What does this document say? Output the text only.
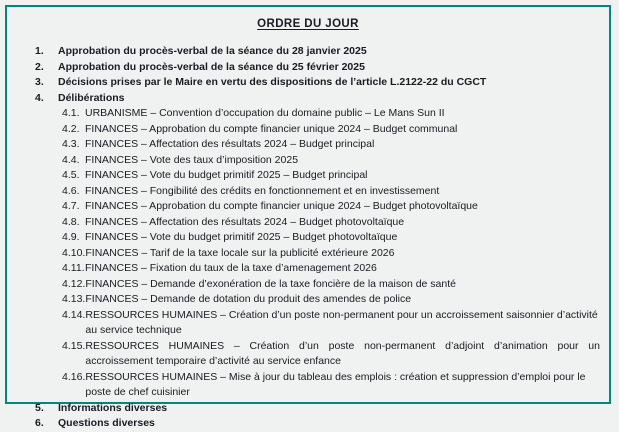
ORDRE DU JOUR
1.	Approbation du procès-verbal de la séance du 28 janvier 2025
2.	Approbation du procès-verbal de la séance du 25 février 2025
3.	Décisions prises par le Maire en vertu des dispositions de l’article L.2122-22 du CGCT
4.	Délibérations
4.1. URBANISME – Convention d’occupation du domaine public – Le Mans Sun II
4.2. FINANCES – Approbation du compte financier unique 2024 – Budget communal
4.3. FINANCES – Affectation des résultats 2024 – Budget principal
4.4. FINANCES – Vote des taux d’imposition 2025
4.5. FINANCES – Vote du budget primitif 2025 – Budget principal
4.6. FINANCES – Fongibilité des crédits en fonctionnement et en investissement
4.7. FINANCES – Approbation du compte financier unique 2024 – Budget photovoltaïque
4.8. FINANCES – Affectation des résultats 2024 – Budget photovoltaïque
4.9. FINANCES – Vote du budget primitif 2025 – Budget photovoltaïque
4.10. FINANCES – Tarif de la taxe locale sur la publicité extérieure 2026
4.11. FINANCES – Fixation du taux de la taxe d’amenagement 2026
4.12. FINANCES – Demande d’exonération de la taxe foncière de la maison de santé
4.13. FINANCES – Demande de dotation du produit des amendes de police
4.14. RESSOURCES HUMAINES – Création d’un poste non-permanent pour un accroissement saisonnier d’activité au service technique
4.15. RESSOURCES HUMAINES – Création d’un poste non-permanent d’adjoint d’animation pour un accroissement temporaire d’activité au service enfance
4.16. RESSOURCES HUMAINES – Mise à jour du tableau des emplois : création et suppression d’emploi pour le poste de chef cuisinier
5.	Informations diverses
6.	Questions diverses
